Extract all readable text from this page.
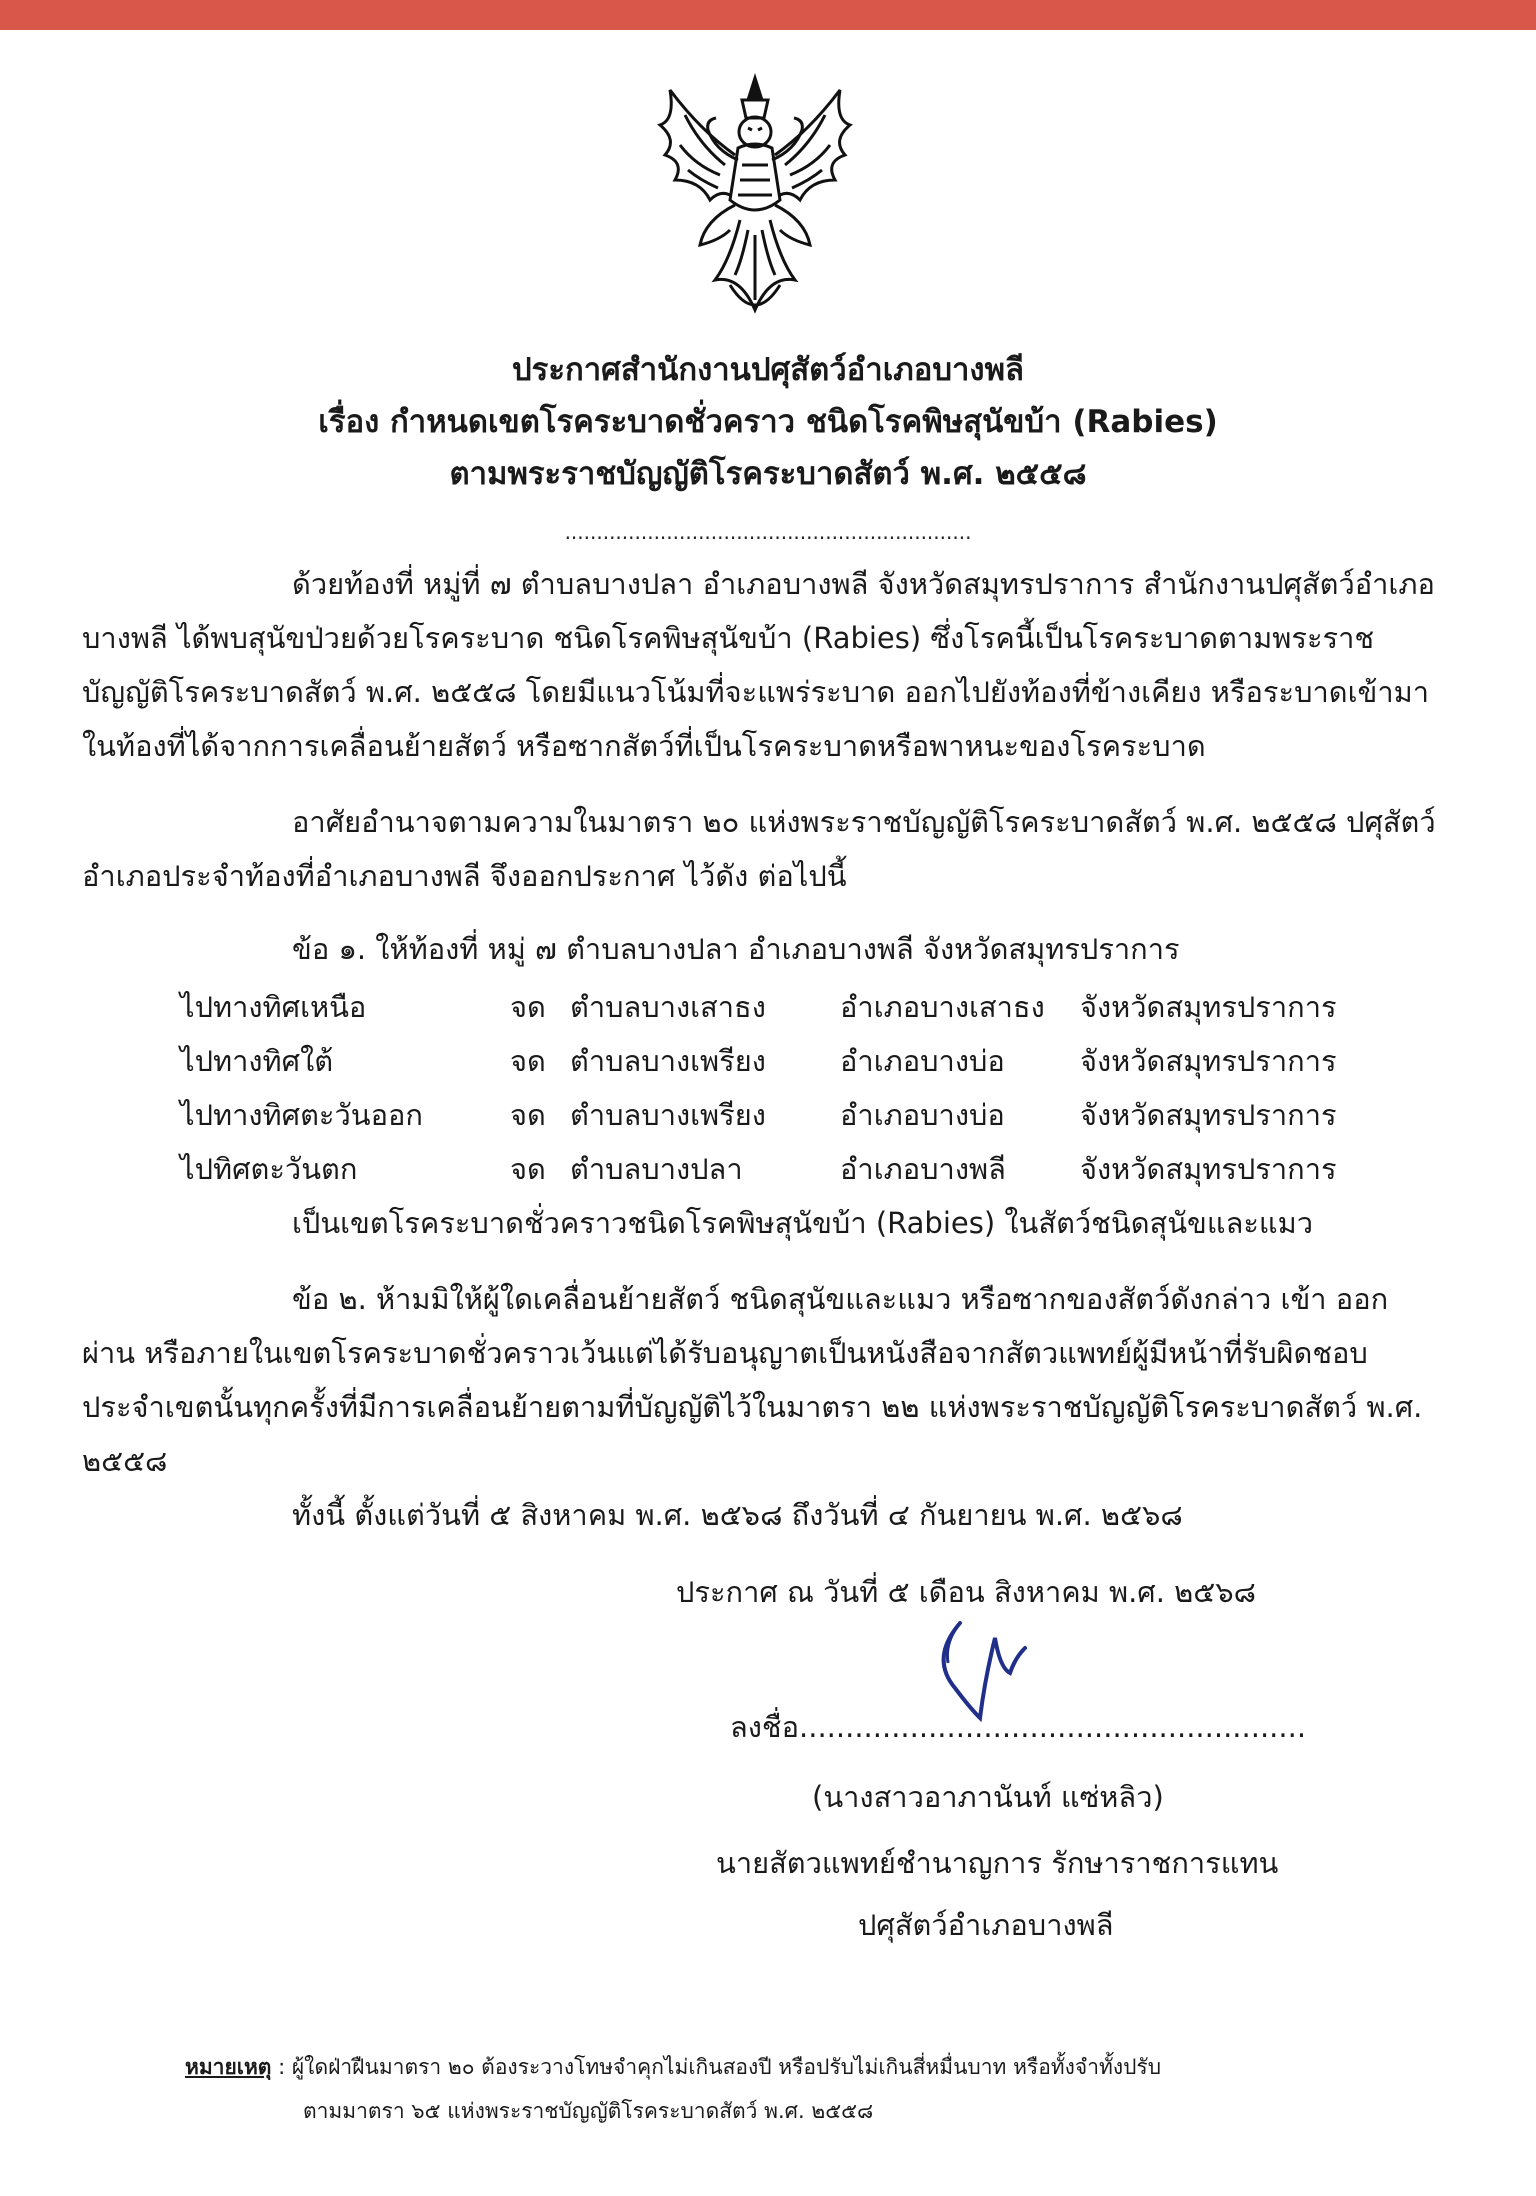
ประกาศสำนักงานปศุสัตว์อำเภอบางพลี
เรื่อง กำหนดเขตโรคระบาดชั่วคราว ชนิดโรคพิษสุนัขบ้า (Rabies)
ตามพระราชบัญญัติโรคระบาดสัตว์ พ.ศ. ๒๕๕๘
................................................................
ด้วยท้องที่ หมู่ที่ ๗ ตำบลบางปลา อำเภอบางพลี จังหวัดสมุทรปราการ สำนักงานปศุสัตว์อำเภอบางพลี ได้พบสุนัขป่วยด้วยโรคระบาด ชนิดโรคพิษสุนัขบ้า (Rabies) ซึ่งโรคนี้เป็นโรคระบาดตามพระราชบัญญัติโรคระบาดสัตว์ พ.ศ. ๒๕๕๘ โดยมีแนวโน้มที่จะแพร่ระบาด ออกไปยังท้องที่ข้างเคียง หรือระบาดเข้ามาในท้องที่ได้จากการเคลื่อนย้ายสัตว์ หรือซากสัตว์ที่เป็นโรคระบาดหรือพาหนะของโรคระบาด
อาศัยอำนาจตามความในมาตรา ๒๐ แห่งพระราชบัญญัติโรคระบาดสัตว์ พ.ศ. ๒๕๕๘ ปศุสัตว์อำเภอประจำท้องที่อำเภอบางพลี จึงออกประกาศ ไว้ดัง ต่อไปนี้
ข้อ ๑. ให้ท้องที่ หมู่ ๗ ตำบลบางปลา อำเภอบางพลี จังหวัดสมุทรปราการ
ไปทางทิศเหนือ	จด ตำบลบางเสาธง	อำเภอบางเสาธง จังหวัดสมุทรปราการ
ไปทางทิศใต้	จด ตำบลบางเพรียง	อำเภอบางบ่อ	จังหวัดสมุทรปราการ
ไปทางทิศตะวันออก	จด ตำบลบางเพรียง	อำเภอบางบ่อ	จังหวัดสมุทรปราการ
ไปทิศตะวันตก	จด ตำบลบางปลา	อำเภอบางพลี	จังหวัดสมุทรปราการ
เป็นเขตโรคระบาดชั่วคราวชนิดโรคพิษสุนัขบ้า (Rabies) ในสัตว์ชนิดสุนัขและแมว
ข้อ ๒. ห้ามมิให้ผู้ใดเคลื่อนย้ายสัตว์ ชนิดสุนัขและแมว หรือซากของสัตว์ดังกล่าว เข้า ออก ผ่าน หรือภายในเขตโรคระบาดชั่วคราวเว้นแต่ได้รับอนุญาตเป็นหนังสือจากสัตวแพทย์ผู้มีหน้าที่รับผิดชอบประจำเขตนั้นทุกครั้งที่มีการเคลื่อนย้ายตามที่บัญญัติไว้ในมาตรา ๒๒ แห่งพระราชบัญญัติโรคระบาดสัตว์ พ.ศ. ๒๕๕๘
ทั้งนี้ ตั้งแต่วันที่ ๕ สิงหาคม พ.ศ. ๒๕๖๘ ถึงวันที่ ๔ กันยายน พ.ศ. ๒๕๖๘
ประกาศ ณ วันที่ ๕ เดือน สิงหาคม พ.ศ. ๒๕๖๘
ลงชื่อ.......................................................
(นางสาวอาภานันท์ แซ่หลิว)
นายสัตวแพทย์ชำนาญการ รักษาราชการแทน
ปศุสัตว์อำเภอบางพลี
หมายเหตุ : ผู้ใดฝ่าฝืนมาตรา ๒๐ ต้องระวางโทษจำคุกไม่เกินสองปี หรือปรับไม่เกินสี่หมื่นบาท หรือทั้งจำทั้งปรับ
ตามมาตรา ๖๕ แห่งพระราชบัญญัติโรคระบาดสัตว์ พ.ศ. ๒๕๕๘
